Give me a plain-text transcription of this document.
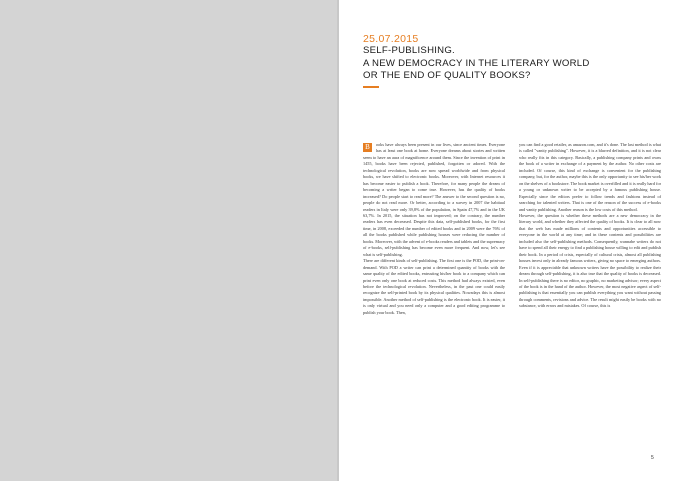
25.07.2015
SELF-PUBLISHING.
A NEW DEMOCRACY IN THE LITERARY WORLD
OR THE END OF QUALITY BOOKS?
B	ooks have always been present in our lives, since ancient times. Everyone has at least one book at home. Everyone dreams about stories and written seem to have an aura of magnificence around them. Since the invention of print in 1455, books have been rejected, published, forgotten or adored. With the technological revolution, books are now spread worldwide and from physical books, we have shifted to electronic books. Moreover, with Internet resources it has become easier to publish a book. Therefore, for many people the dream of becoming a writer began to come true. However, has the quality of books increased? Do people start to read more? The answer to the second question is no, people do not read more. Or better, according to a survey in 2007 the habitual readers in Italy were only 39,8% of the population, in Spain 47,7% and in the UK 63,7%. In 2015, the situation has not improved; on the contrary, the number readers has even decreased. Despite this data, self-published books, for the first time, in 2008, exceeded the number of edited books and in 2009 were the 76% of all the books published while publishing houses were reducing the number of books. Moreover, with the advent of e-books readers and tablets and the supremacy of e-books, self-publishing has become even more frequent. And now, let's see what is self-publishing.

There are different kinds of self-publishing. The first one is the POD, the print-on-demand. With POD a writer can print a determined quantity of books with the same quality of the edited books, entrusting his/her book to a company which can print even only one book at reduced costs. This method had always existed, even before the technological revolution. Nevertheless, in the past one could easily recognize the self-printed book by its physical qualities. Nowadays this is almost impossible. Another method of self-publishing is the electronic book. It is easier, it is only virtual and you need only a computer and a good editing programme to publish your book. Then,

you can find a good retailer, as amazon.com, and it's done. The last method is what is called "vanity publishing". However, it is a blurred definition, and it is not clear who really fits in this category. Basically, a publishing company prints and owns the book of a writer in exchange of a payment by the author. No other costs are included. Of course, this kind of exchange is convenient for the publishing company, but, for the author, maybe this is the only opportunity to see his/her work on the shelves of a bookstore. The book market is overfilled and it is really hard for a young or unknown writer to be accepted by a famous publishing house. Especially since the editors prefer to follow trends and fashions instead of searching for talented writers. That is one of the reason of the success of e-books and vanity publishing. Another reason is the low costs of this method.

However, the question is whether these methods are a new democracy in the literary world, and whether they affected the quality of books. It is clear to all now that the web has made millions of contents and opportunities accessible to everyone in the world at any time; and in these contents and possibilities are included also the self-publishing methods. Consequently, wannabe writers do not have to spend all their energy to find a publishing house willing to edit and publish their book. In a period of crisis, especially of cultural crisis, almost all publishing houses invest only in already famous writers, giving no space to emerging authors. Even if it is appreciable that unknown writers have the possibility to realize their dream through self-publishing, it is also true that the quality of books is decreased. In self-publishing there is no editor, no graphic, no marketing advisor; every aspect of the book is in the hand of the author. However, the most negative aspect of self-publishing is that essentially you can publish everything you want without passing through comments, revisions and advice. The result might easily be books with no substance, with errors and mistakes. Of course, this is

5
